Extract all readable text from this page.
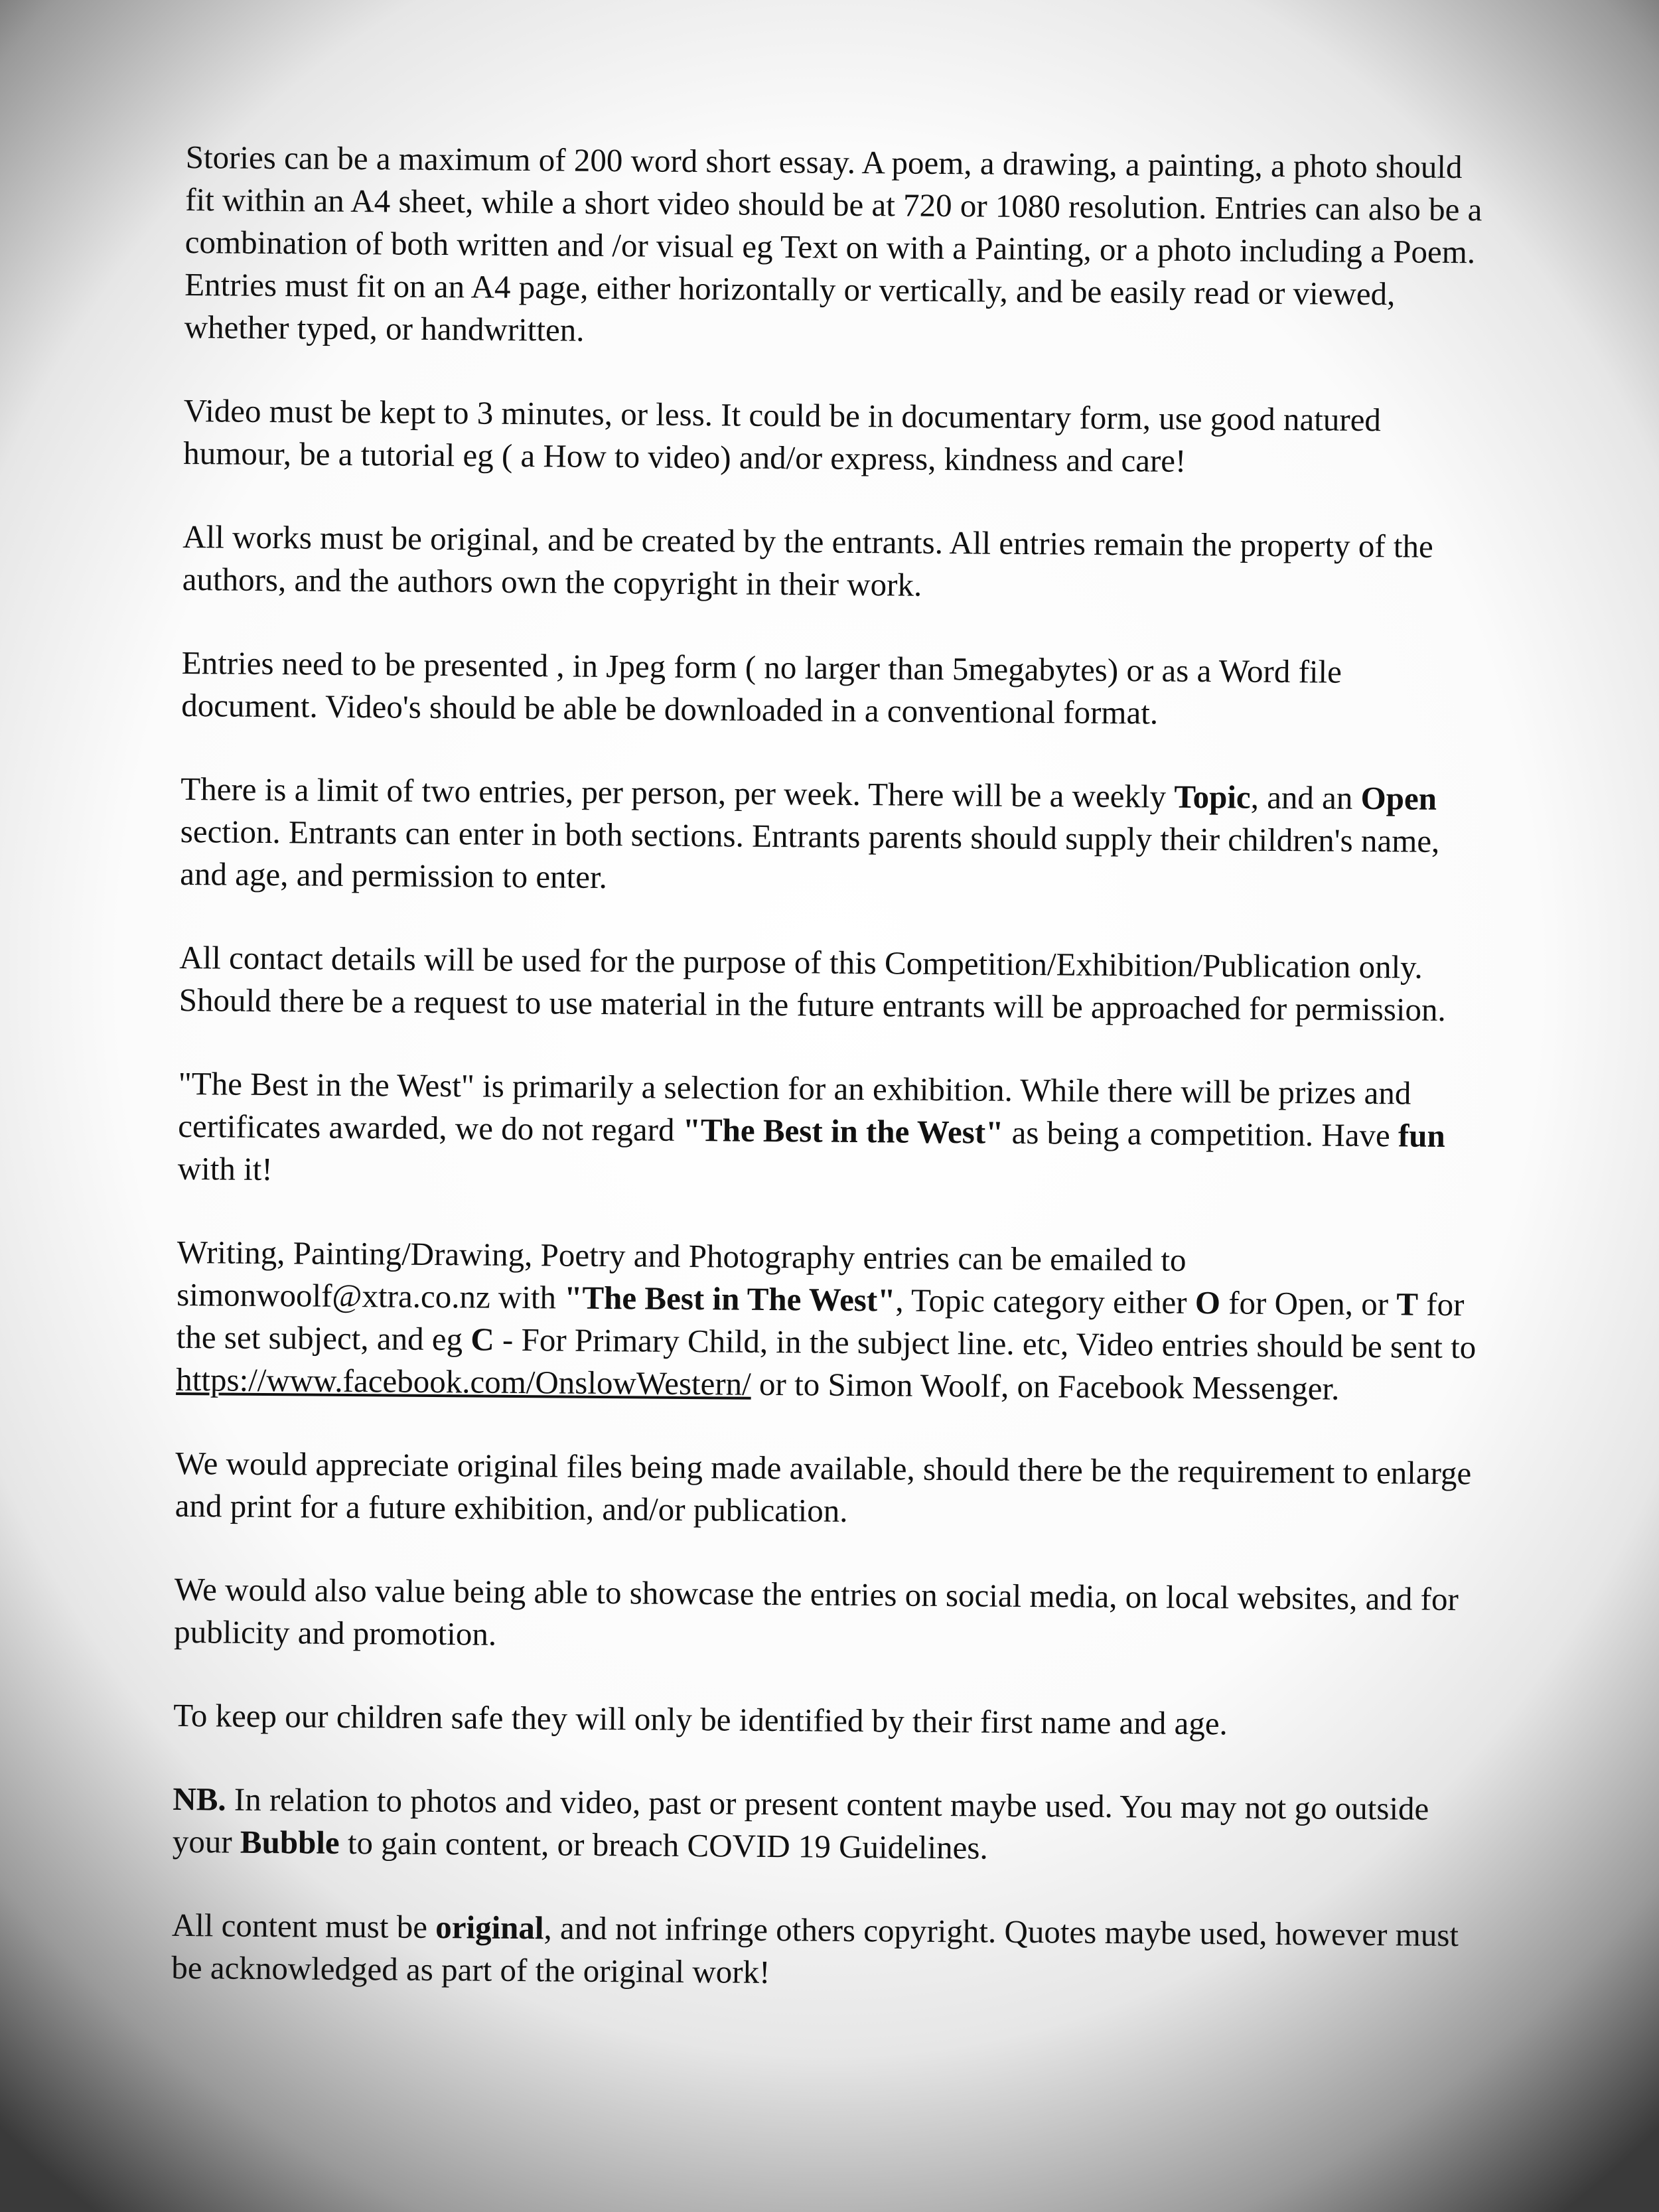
Stories can be a maximum of 200 word short essay. A poem, a drawing, a painting, a photo should fit within an A4 sheet, while a short video should be at 720 or 1080 resolution. Entries can also be a combination of both written and /or visual eg Text on with a Painting, or a photo including a Poem. Entries must fit on an A4 page, either horizontally or vertically, and be easily read or viewed, whether typed, or handwritten.

Video must be kept to 3 minutes, or less. It could be in documentary form, use good natured humour, be a tutorial eg ( a How to video) and/or express, kindness and care!

All works must be original, and be created by the entrants. All entries remain the property of the authors, and the authors own the copyright in their work.

Entries need to be presented , in Jpeg form ( no larger than 5megabytes) or as a Word file document. Video's should be able be downloaded in a conventional format.

There is a limit of two entries, per person, per week. There will be a weekly Topic, and an Open section. Entrants can enter in both sections. Entrants parents should supply their children's name, and age, and permission to enter.

All contact details will be used for the purpose of this Competition/Exhibition/Publication only. Should there be a request to use material in the future entrants will be approached for permission.

"The Best in the West" is primarily a selection for an exhibition. While there will be prizes and certificates awarded, we do not regard "The Best in the West" as being a competition. Have fun with it!

Writing, Painting/Drawing, Poetry and Photography entries can be emailed to simonwoolf@xtra.co.nz with "The Best in The West", Topic category either O for Open, or T for the set subject, and eg C - For Primary Child, in the subject line. etc, Video entries should be sent to https://www.facebook.com/OnslowWestern/ or to Simon Woolf, on Facebook Messenger.

We would appreciate original files being made available, should there be the requirement to enlarge and print for a future exhibition, and/or publication.

We would also value being able to showcase the entries on social media, on local websites, and for publicity and promotion.

To keep our children safe they will only be identified by their first name and age.

NB. In relation to photos and video, past or present content maybe used. You may not go outside your Bubble to gain content, or breach COVID 19 Guidelines.

All content must be original, and not infringe others copyright. Quotes maybe used, however must be acknowledged as part of the original work!
